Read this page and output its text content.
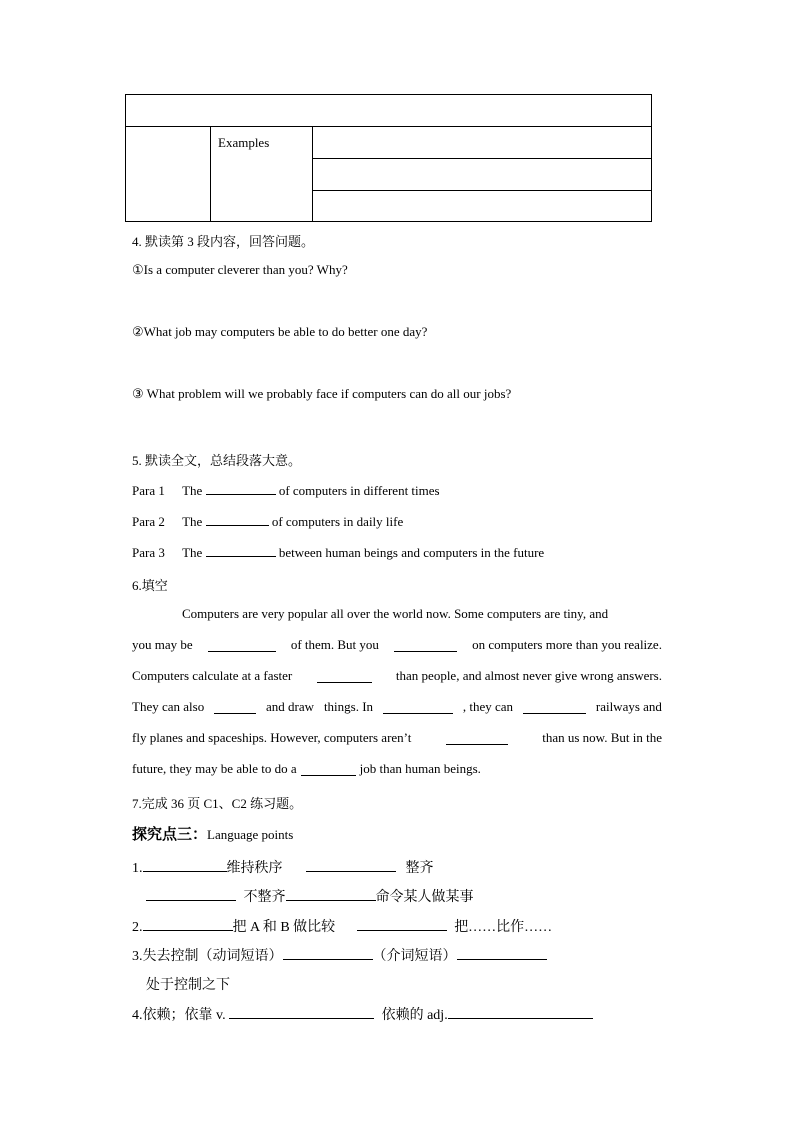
	Examples	

4. 默读第 3 段内容，回答问题。
①Is a computer cleverer than you? Why?
②What job may computers be able to do better one day?
③ What problem will we probably face if computers can do all our jobs?
5. 默读全文，总结段落大意。
Para 1 The	of computers in different times
Para 2 The	of computers in daily life
Para 3 The	between human beings and computers in the future
6.填空
Computers are very popular all over the world now. Some computers are tiny, and
you may be	of them. But you	on computers more than you realize.
Computers calculate at a faster	than people, and almost never give wrong answers.
They can also	and draw things. In	, they can	railways and
fly planes and spaceships. However, computers aren’t	than us now. But in the
future, they may be able to do a	job than human beings.
7.完成 36 页 C1、C2 练习题。
探究点三：Language points
1.	维持秩序	整齐
不整齐	命令某人做某事
2.	把 A 和 B 做比较	把……比作……
3.失去控制（动词短语）	（介词短语）
处于控制之下
4.依赖；依靠 v.	依赖的 adj.
